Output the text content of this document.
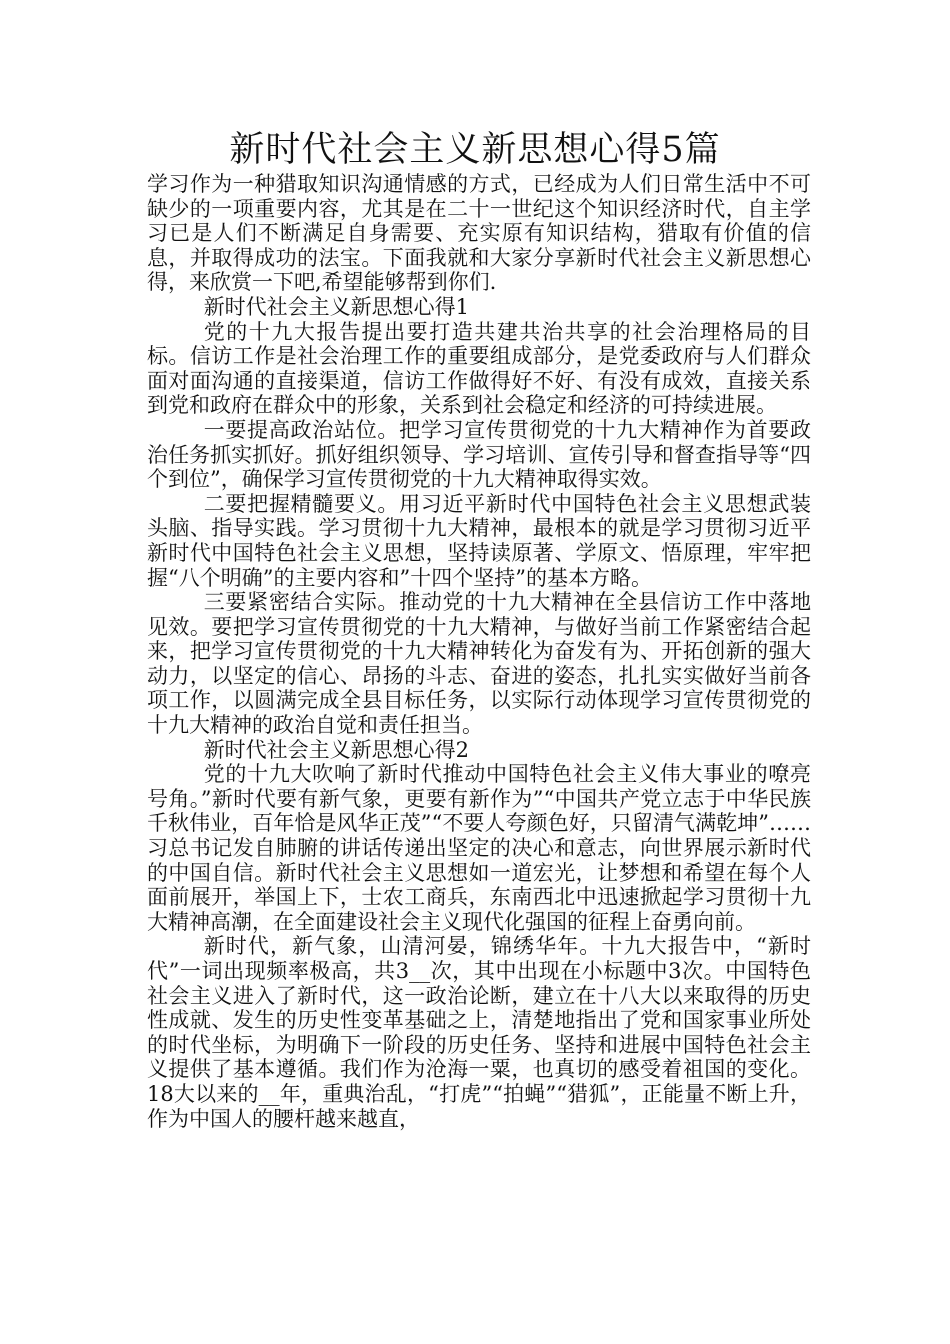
新时代社会主义新思想心得5篇

学习作为一种猎取知识沟通情感的方式，已经成为人们日常生活中不可缺少的一项重要内容，尤其是在二十一世纪这个知识经济时代，自主学习已是人们不断满足自身需要、充实原有知识结构，猎取有价值的信息，并取得成功的法宝。下面我就和大家分享新时代社会主义新思想心得，来欣赏一下吧,希望能够帮到你们.

新时代社会主义新思想心得1

党的十九大报告提出要打造共建共治共享的社会治理格局的目标。信访工作是社会治理工作的重要组成部分，是党委政府与人们群众面对面沟通的直接渠道，信访工作做得好不好、有没有成效，直接关系到党和政府在群众中的形象，关系到社会稳定和经济的可持续进展。

一要提高政治站位。把学习宣传贯彻党的十九大精神作为首要政治任务抓实抓好。抓好组织领导、学习培训、宣传引导和督查指导等“四个到位”，确保学习宣传贯彻党的十九大精神取得实效。

二要把握精髓要义。用习近平新时代中国特色社会主义思想武装头脑、指导实践。学习贯彻十九大精神，最根本的就是学习贯彻习近平新时代中国特色社会主义思想，坚持读原著、学原文、悟原理，牢牢把握“八个明确”的主要内容和”十四个坚持”的基本方略。

三要紧密结合实际。推动党的十九大精神在全县信访工作中落地见效。要把学习宣传贯彻党的十九大精神，与做好当前工作紧密结合起来，把学习宣传贯彻党的十九大精神转化为奋发有为、开拓创新的强大动力，以坚定的信心、昂扬的斗志、奋进的姿态，扎扎实实做好当前各项工作，以圆满完成全县目标任务，以实际行动体现学习宣传贯彻党的十九大精神的政治自觉和责任担当。

新时代社会主义新思想心得2

党的十九大吹响了新时代推动中国特色社会主义伟大事业的嘹亮号角。”新时代要有新气象，更要有新作为”“中国共产党立志于中华民族千秋伟业，百年恰是风华正茂”“不要人夸颜色好，只留清气满乾坤”……习总书记发自肺腑的讲话传递出坚定的决心和意志，向世界展示新时代的中国自信。新时代社会主义思想如一道宏光，让梦想和希望在每个人面前展开，举国上下，士农工商兵，东南西北中迅速掀起学习贯彻十九大精神高潮，在全面建设社会主义现代化强国的征程上奋勇向前。

新时代，新气象，山清河晏，锦绣华年。十九大报告中，“新时代”一词出现频率极高，共3__次，其中出现在小标题中3次。中国特色社会主义进入了新时代，这一政治论断，建立在十八大以来取得的历史性成就、发生的历史性变革基础之上，清楚地指出了党和国家事业所处的时代坐标，为明确下一阶段的历史任务、坚持和进展中国特色社会主义提供了基本遵循。我们作为沧海一粟，也真切的感受着祖国的变化。18大以来的__年，重典治乱，“打虎”“拍蝇”“猎狐”，正能量不断上升，作为中国人的腰杆越来越直，
